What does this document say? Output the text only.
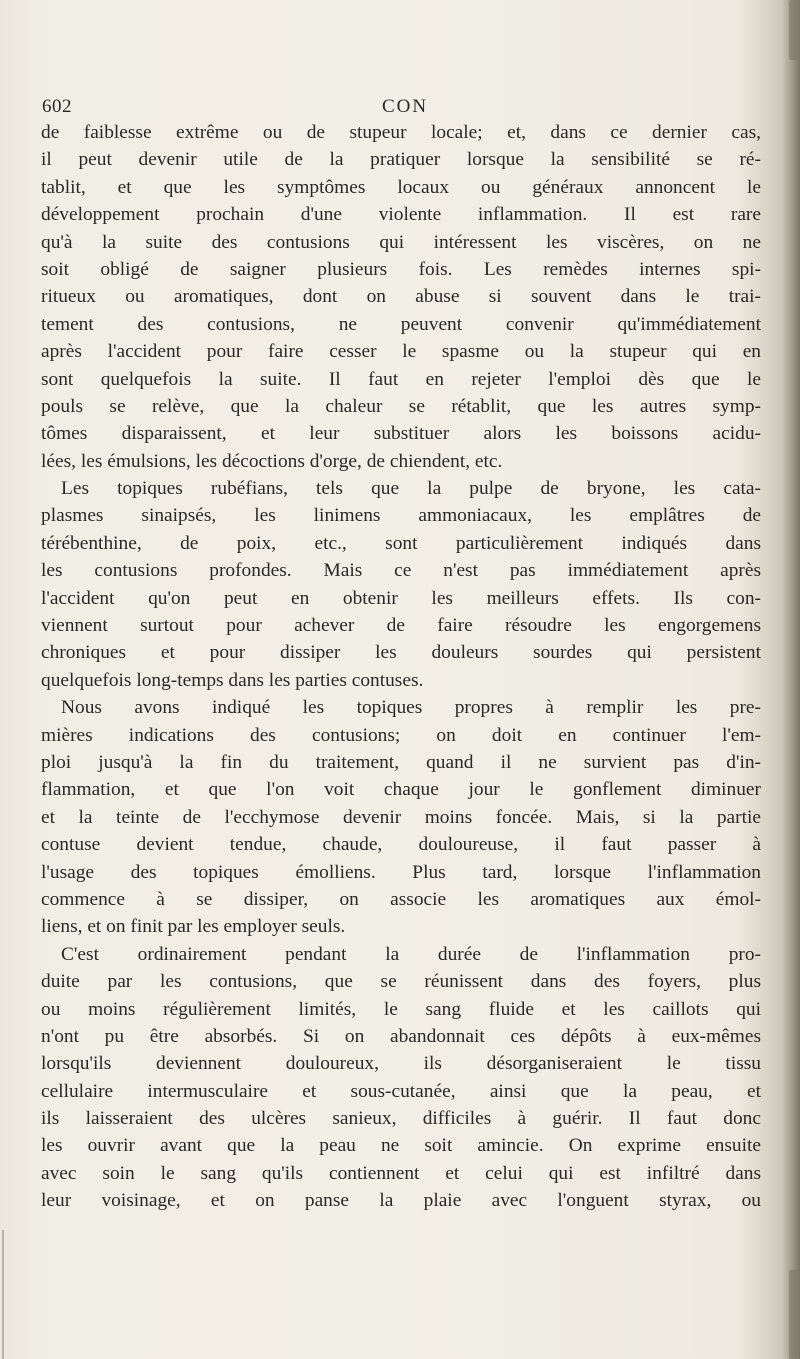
602	CON
de faiblesse extrême ou de stupeur locale; et, dans ce dernier cas,
il peut devenir utile de la pratiquer lorsque la sensibilité se ré-
tablit, et que les symptômes locaux ou généraux annoncent le
développement prochain d'une violente inflammation. Il est rare
qu'à la suite des contusions qui intéressent les viscères, on ne
soit obligé de saigner plusieurs fois. Les remèdes internes spi-
ritueux ou aromatiques, dont on abuse si souvent dans le trai-
tement des contusions, ne peuvent convenir qu'immédiatement
après l'accident pour faire cesser le spasme ou la stupeur qui en
sont quelquefois la suite. Il faut en rejeter l'emploi dès que le
pouls se relève, que la chaleur se rétablit, que les autres symp-
tômes disparaissent, et leur substituer alors les boissons acidu-
lées, les émulsions, les décoctions d'orge, de chiendent, etc.
Les topiques rubéfians, tels que la pulpe de bryone, les cata-
plasmes sinaipsés, les linimens ammoniacaux, les emplâtres de
térébenthine, de poix, etc., sont particulièrement indiqués dans
les contusions profondes. Mais ce n'est pas immédiatement après
l'accident qu'on peut en obtenir les meilleurs effets. Ils con-
viennent surtout pour achever de faire résoudre les engorgemens
chroniques et pour dissiper les douleurs sourdes qui persistent
quelquefois long-temps dans les parties contuses.
Nous avons indiqué les topiques propres à remplir les pre-
mières indications des contusions; on doit en continuer l'em-
ploi jusqu'à la fin du traitement, quand il ne survient pas d'in-
flammation, et que l'on voit chaque jour le gonflement diminuer
et la teinte de l'ecchymose devenir moins foncée. Mais, si la partie
contuse devient tendue, chaude, douloureuse, il faut passer à
l'usage des topiques émolliens. Plus tard, lorsque l'inflammation
commence à se dissiper, on associe les aromatiques aux émol-
liens, et on finit par les employer seuls.
C'est ordinairement pendant la durée de l'inflammation pro-
duite par les contusions, que se réunissent dans des foyers, plus
ou moins régulièrement limités, le sang fluide et les caillots qui
n'ont pu être absorbés. Si on abandonnait ces dépôts à eux-mêmes
lorsqu'ils deviennent douloureux, ils désorganiseraient le tissu
cellulaire intermusculaire et sous-cutanée, ainsi que la peau, et
ils laisseraient des ulcères sanieux, difficiles à guérir. Il faut donc
les ouvrir avant que la peau ne soit amincie. On exprime ensuite
avec soin le sang qu'ils contiennent et celui qui est infiltré dans
leur voisinage, et on panse la plaie avec l'onguent styrax, ou
